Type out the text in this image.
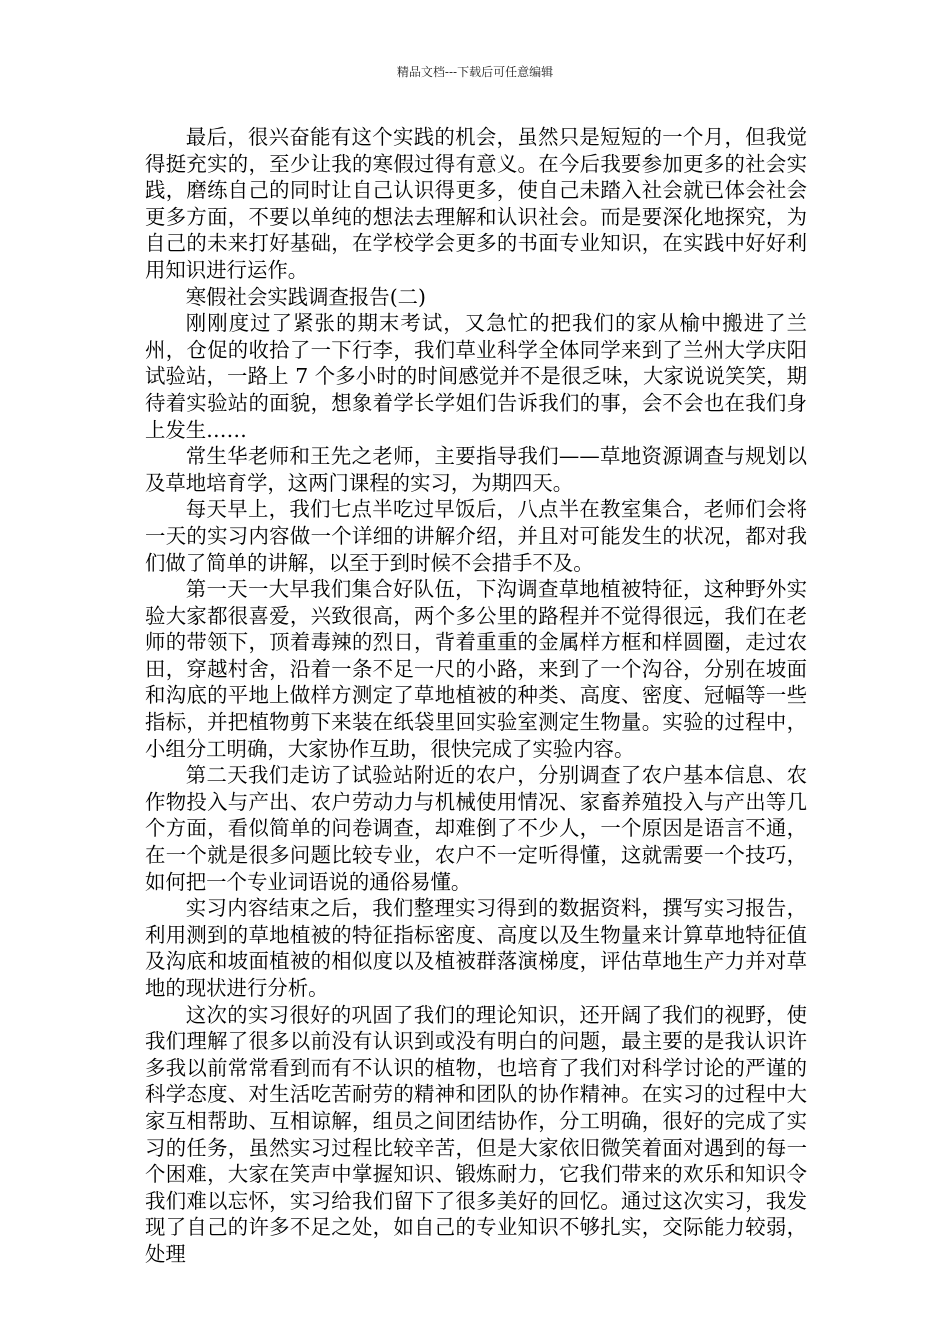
精品文档---下载后可任意编辑

最后，很兴奋能有这个实践的机会，虽然只是短短的一个月，但我觉得挺充实的，至少让我的寒假过得有意义。在今后我要参加更多的社会实践，磨练自己的同时让自己认识得更多，使自己未踏入社会就已体会社会更多方面，不要以单纯的想法去理解和认识社会。而是要深化地探究，为自己的未来打好基础，在学校学会更多的书面专业知识，在实践中好好利用知识进行运作。

寒假社会实践调查报告(二)

刚刚度过了紧张的期末考试，又急忙的把我们的家从榆中搬进了兰州，仓促的收拾了一下行李，我们草业科学全体同学来到了兰州大学庆阳试验站，一路上 7 个多小时的时间感觉并不是很乏味，大家说说笑笑，期待着实验站的面貌，想象着学长学姐们告诉我们的事，会不会也在我们身上发生……

常生华老师和王先之老师，主要指导我们——草地资源调查与规划以及草地培育学，这两门课程的实习，为期四天。

每天早上，我们七点半吃过早饭后，八点半在教室集合，老师们会将一天的实习内容做一个详细的讲解介绍，并且对可能发生的状况，都对我们做了简单的讲解，以至于到时候不会措手不及。

第一天一大早我们集合好队伍，下沟调查草地植被特征，这种野外实验大家都很喜爱，兴致很高，两个多公里的路程并不觉得很远，我们在老师的带领下，顶着毒辣的烈日，背着重重的金属样方框和样圆圈，走过农田，穿越村舍，沿着一条不足一尺的小路，来到了一个沟谷，分别在坡面和沟底的平地上做样方测定了草地植被的种类、高度、密度、冠幅等一些指标，并把植物剪下来装在纸袋里回实验室测定生物量。实验的过程中，小组分工明确，大家协作互助，很快完成了实验内容。

第二天我们走访了试验站附近的农户，分别调查了农户基本信息、农作物投入与产出、农户劳动力与机械使用情况、家畜养殖投入与产出等几个方面，看似简单的问卷调查，却难倒了不少人，一个原因是语言不通，在一个就是很多问题比较专业，农户不一定听得懂，这就需要一个技巧，如何把一个专业词语说的通俗易懂。

实习内容结束之后，我们整理实习得到的数据资料，撰写实习报告，利用测到的草地植被的特征指标密度、高度以及生物量来计算草地特征值及沟底和坡面植被的相似度以及植被群落演梯度，评估草地生产力并对草地的现状进行分析。

这次的实习很好的巩固了我们的理论知识，还开阔了我们的视野，使我们理解了很多以前没有认识到或没有明白的问题，最主要的是我认识许多我以前常常看到而有不认识的植物，也培育了我们对科学讨论的严谨的科学态度、对生活吃苦耐劳的精神和团队的协作精神。在实习的过程中大家互相帮助、互相谅解，组员之间团结协作，分工明确，很好的完成了实习的任务，虽然实习过程比较辛苦，但是大家依旧微笑着面对遇到的每一个困难，大家在笑声中掌握知识、锻炼耐力，它我们带来的欢乐和知识令我们难以忘怀，实习给我们留下了很多美好的回忆。通过这次实习，我发现了自己的许多不足之处，如自己的专业知识不够扎实，交际能力较弱，处理
